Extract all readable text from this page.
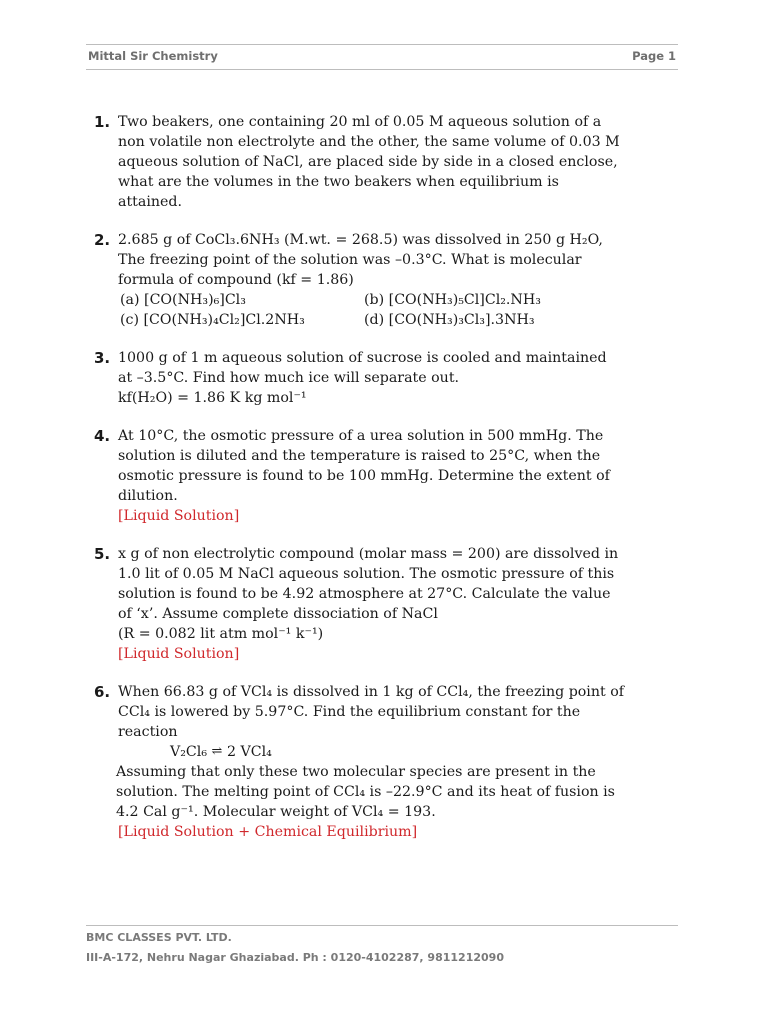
Mittal Sir Chemistry	Page 1
1. Two beakers, one containing 20 ml of 0.05 M aqueous solution of a
non volatile non electrolyte and the other, the same volume of 0.03 M
aqueous solution of NaCl, are placed side by side in a closed enclose,
what are the volumes in the two beakers when equilibrium is
attained.
2. 2.685 g of CoCl₃.6NH₃ (M.wt. = 268.5) was dissolved in 250 g H₂O,
The freezing point of the solution was –0.3°C. What is molecular
formula of compound (kf = 1.86)
(a) [CO(NH₃)₆]Cl₃	(b) [CO(NH₃)₅Cl]Cl₂.NH₃
(c) [CO(NH₃)₄Cl₂]Cl.2NH₃	(d) [CO(NH₃)₃Cl₃].3NH₃
3. 1000 g of 1 m aqueous solution of sucrose is cooled and maintained
at –3.5°C. Find how much ice will separate out.
kf(H₂O) = 1.86 K kg mol⁻¹
4. At 10°C, the osmotic pressure of a urea solution in 500 mmHg. The
solution is diluted and the temperature is raised to 25°C, when the
osmotic pressure is found to be 100 mmHg. Determine the extent of
dilution.
[Liquid Solution]
5. x g of non electrolytic compound (molar mass = 200) are dissolved in
1.0 lit of 0.05 M NaCl aqueous solution. The osmotic pressure of this
solution is found to be 4.92 atmosphere at 27°C. Calculate the value
of ‘x’. Assume complete dissociation of NaCl
(R = 0.082 lit atm mol⁻¹ k⁻¹)
[Liquid Solution]
6. When 66.83 g of VCl₄ is dissolved in 1 kg of CCl₄, the freezing point of
CCl₄ is lowered by 5.97°C. Find the equilibrium constant for the
reaction
V₂Cl₆ ⇌ 2 VCl₄
Assuming that only these two molecular species are present in the
solution. The melting point of CCl₄ is –22.9°C and its heat of fusion is
4.2 Cal g⁻¹. Molecular weight of VCl₄ = 193.
[Liquid Solution + Chemical Equilibrium]
BMC CLASSES PVT. LTD.
III-A-172, Nehru Nagar Ghaziabad. Ph : 0120-4102287, 9811212090
